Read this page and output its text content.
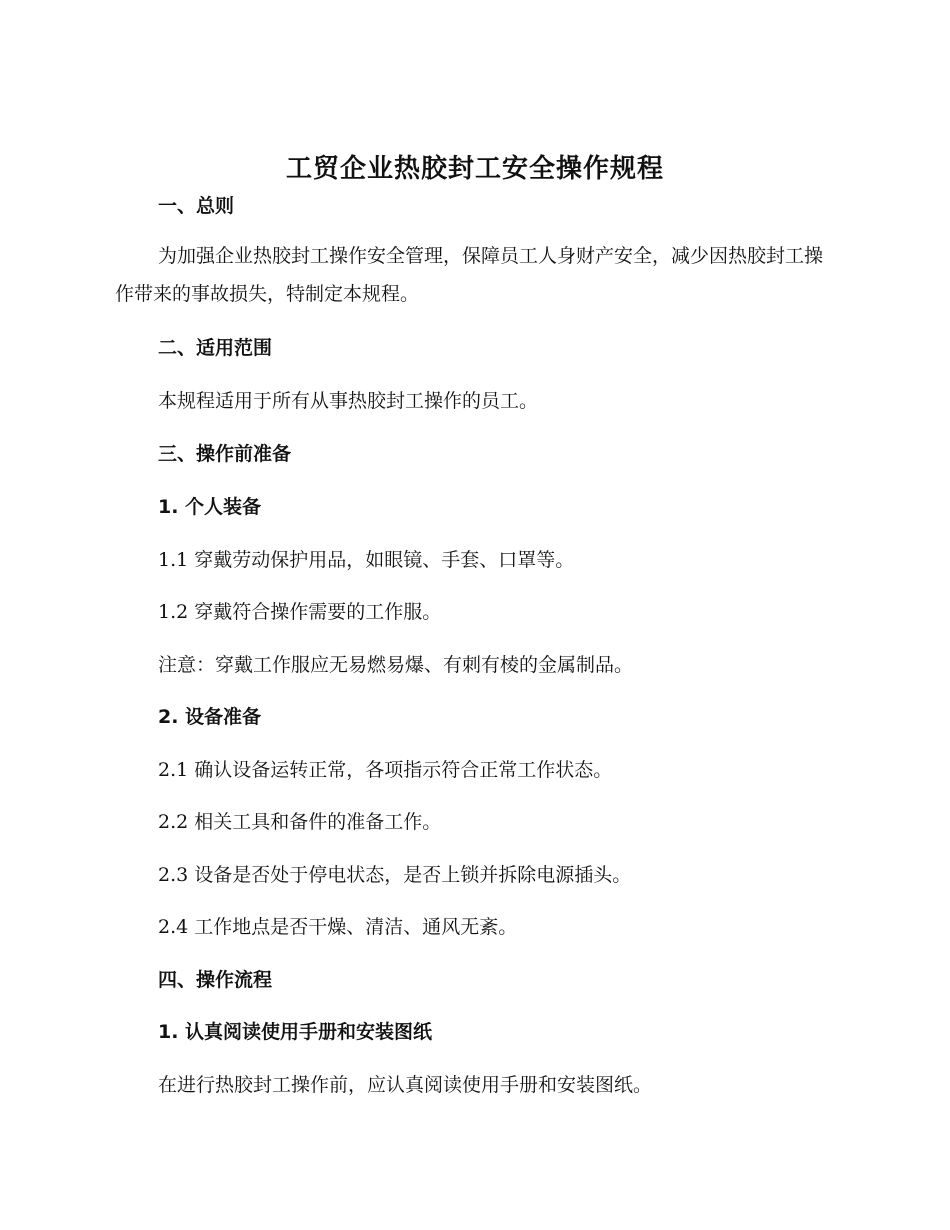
工贸企业热胶封工安全操作规程
一、总则
为加强企业热胶封工操作安全管理，保障员工人身财产安全，减少因热胶封工操作带来的事故损失，特制定本规程。
二、适用范围
本规程适用于所有从事热胶封工操作的员工。
三、操作前准备
1. 个人装备
1.1 穿戴劳动保护用品，如眼镜、手套、口罩等。
1.2 穿戴符合操作需要的工作服。
注意：穿戴工作服应无易燃易爆、有刺有棱的金属制品。
2. 设备准备
2.1 确认设备运转正常，各项指示符合正常工作状态。
2.2 相关工具和备件的准备工作。
2.3 设备是否处于停电状态，是否上锁并拆除电源插头。
2.4 工作地点是否干燥、清洁、通风无紊。
四、操作流程
1. 认真阅读使用手册和安装图纸
在进行热胶封工操作前，应认真阅读使用手册和安装图纸。
